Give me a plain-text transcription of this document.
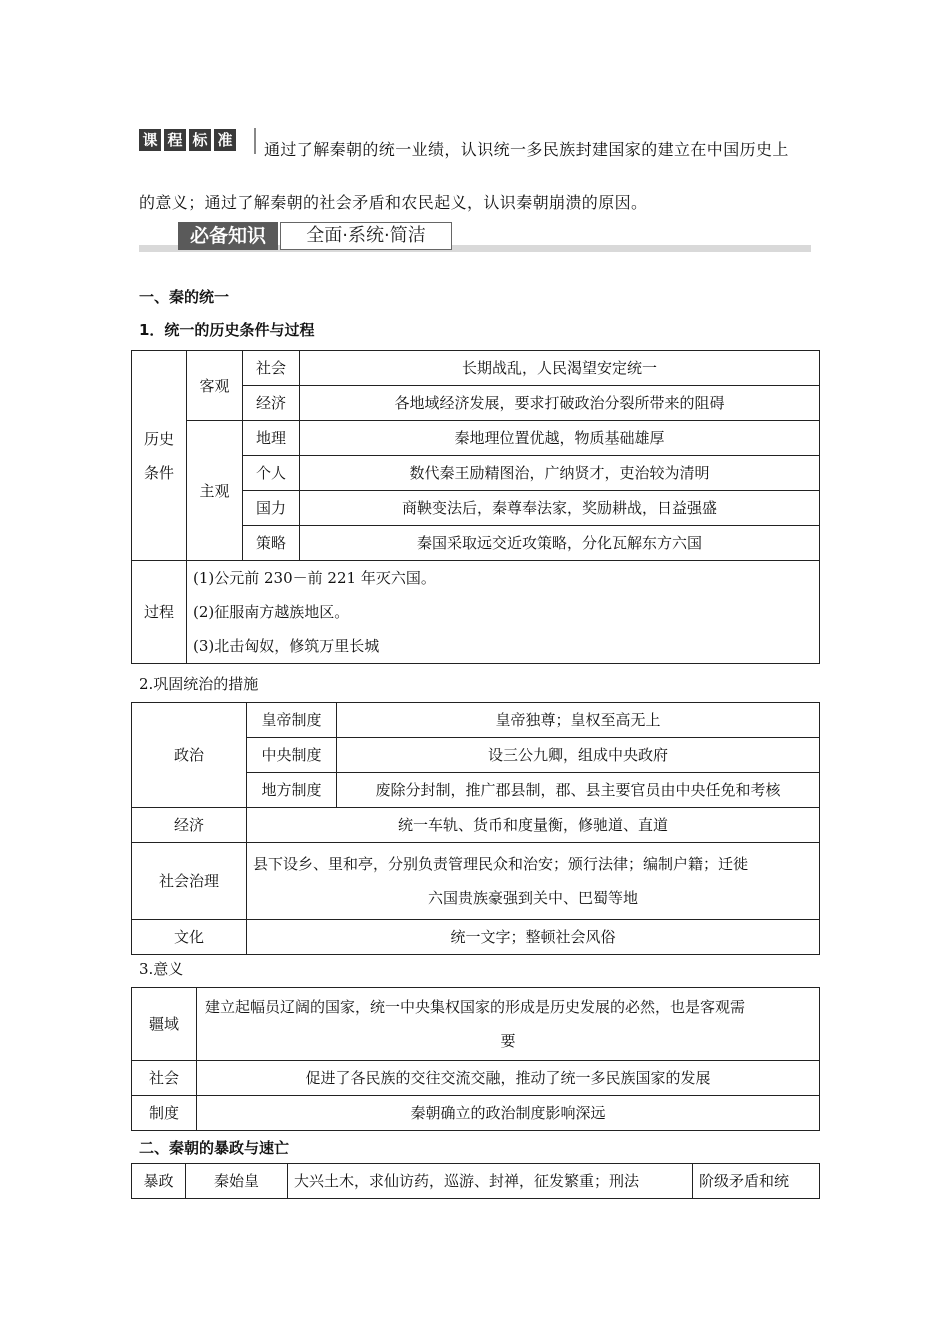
课 程 标 准 通过了解秦朝的统一业绩，认识统一多民族封建国家的建立在中国历史上
的意义；通过了解秦朝的社会矛盾和农民起义，认识秦朝崩溃的原因。
必备知识	全面·系统·简洁
一、秦的统一
1．统一的历史条件与过程
历史
条件	客观	社会	长期战乱，人民渴望安定统一
		经济	各地域经济发展，要求打破政治分裂所带来的阻碍
	主观	地理	秦地理位置优越，物质基础雄厚
		个人	数代秦王励精图治，广纳贤才，吏治较为清明
		国力	商鞅变法后，秦尊奉法家，奖励耕战，日益强盛
		策略	秦国采取远交近攻策略，分化瓦解东方六国
过程	(1)公元前 230－前 221 年灭六国。
(2)征服南方越族地区。
(3)北击匈奴，修筑万里长城		
2.巩固统治的措施
政治	皇帝制度	皇帝独尊；皇权至高无上
	中央制度	设三公九卿，组成中央政府
	地方制度	废除分封制，推广郡县制，郡、县主要官员由中央任免和考核
经济	统一车轨、货币和度量衡，修驰道、直道	
社会治理	县下设乡、里和亭，分别负责管理民众和治安；颁行法律；编制户籍；迁徙
六国贵族豪强到关中、巴蜀等地	

文化	统一文字；整顿社会风俗	
3.意义
疆域	建立起幅员辽阔的国家，统一中央集权国家的形成是历史发展的必然，也是客观需
要

社会	促进了各民族的交往交流交融，推动了统一多民族国家的发展
制度	秦朝确立的政治制度影响深远
二、秦朝的暴政与速亡
暴政	秦始皇	大兴土木，求仙访药，巡游、封禅，征发繁重；刑法	阶级矛盾和统
